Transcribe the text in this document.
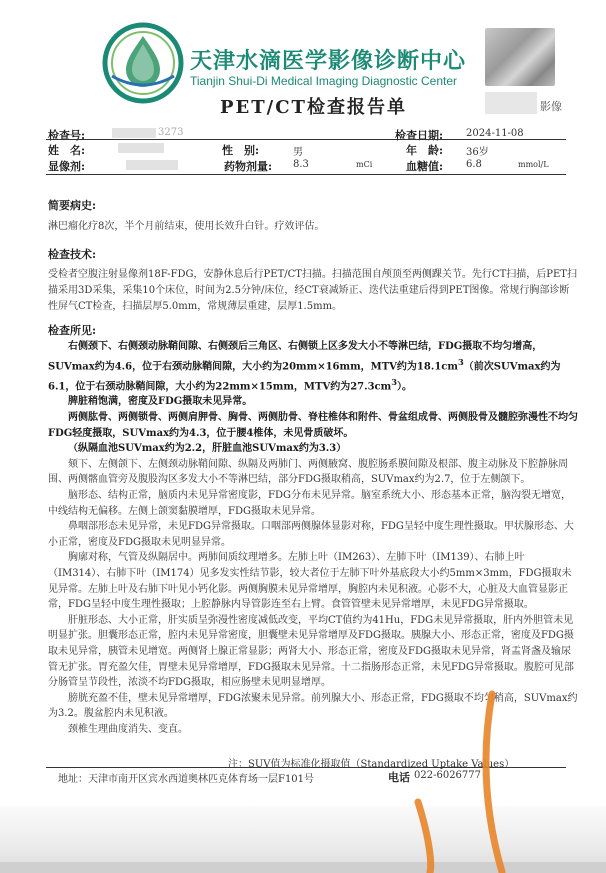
天津水滴医学影像诊断中心
Tianjin Shui-Di Medical Imaging Diagnostic Center
PET/CT检查报告单	影像
检查号:	3273	检查日期: 2024-11-08
姓　名:	性　别:	男	年　龄: 36岁
显像剂:	药物剂量: 8.3	mCi	血糖值: 6.8	mmol/L
简要病史:
淋巴瘤化疗8次，半个月前结束，使用长效升白针。疗效评估。
检查技术:
受检者空腹注射显像剂18F-FDG，安静休息后行PET/CT扫描。扫描范围自颅顶至两侧踝关节。先行CT扫描，后PET扫描采用3D采集，采集10个床位，时间为2.5分钟/床位，经CT衰减矫正、迭代法重建后得到PET图像。常规行胸部诊断性屏气CT检查，扫描层厚5.0mm，常规薄层重建，层厚1.5mm。
检查所见:

右侧颈下、右侧颈动脉鞘间隙、右侧颈后三角区、右侧锁上区多发大小不等淋巴结，FDG摄取不均匀增高，SUVmax约为4.6，位于右颈动脉鞘间隙，大小约为20mm×16mm，MTV约为$18.1cm^3$（前次SUVmax约为6.1，位于右颈动脉鞘间隙，大小约为22mm×15mm，MTV约为$27.3cm^3$）。

脾脏稍饱满，密度及FDG摄取未见异常。

两侧肱骨、两侧锁骨、两侧肩胛骨、胸骨、两侧肋骨、脊柱椎体和附件、骨盆组成骨、两侧股骨及髓腔弥漫性不均匀FDG轻度摄取，SUVmax约为4.3，位于腰4椎体，未见骨质破坏。

（纵隔血池SUVmax约为2.2，肝脏血池SUVmax约为3.3）

颏下、左侧颌下、左侧颈动脉鞘间隙、纵隔及两肺门、两侧腋窝、腹腔肠系膜间隙及根部、腹主动脉及下腔静脉周围、两侧髂血管旁及腹股沟区多发大小不等淋巴结，部分FDG摄取稍高，SUVmax约为2.7，位于左侧颌下。

脑形态、结构正常，脑质内未见异常密度影，FDG分布未见异常。脑室系统大小、形态基本正常，脑沟裂无增宽，中线结构无偏移。左侧上颌窦黏膜增厚，FDG摄取未见异常。

鼻咽部形态未见异常，未见FDG异常摄取。口咽部两侧腺体显影对称，FDG呈轻中度生理性摄取。甲状腺形态、大小正常，密度及FDG摄取未见明显异常。

胸廓对称，气管及纵隔居中。两肺间质纹理增多。左肺上叶（IM263）、左肺下叶（IM139）、右肺上叶（IM314）、右肺下叶（IM174）见多发实性结节影，较大者位于左肺下叶外基底段大小约5mm×3mm，FDG摄取未见异常。左肺上叶及右肺下叶见小钙化影。两侧胸膜未见异常增厚，胸腔内未见积液。心影不大，心脏及大血管显影正常，FDG呈轻中度生理性摄取；上腔静脉内导管影连至右上臂。食管管壁未见异常增厚，未见FDG异常摄取。

肝脏形态、大小正常，肝实质呈弥漫性密度减低改变，平均CT值约为41Hu，FDG未见异常摄取，肝内外胆管未见明显扩张。胆囊形态正常，腔内未见异常密度，胆囊壁未见异常增厚及FDG摄取。胰腺大小、形态正常，密度及FDG摄取未见异常，胰管未见增宽。两侧肾上腺正常显影；两肾大小、形态正常，密度及FDG摄取未见异常，肾盂肾盏及输尿管无扩张。胃充盈欠佳，胃壁未见异常增厚，FDG摄取未见异常。十二指肠形态正常，未见FDG异常摄取。腹腔可见部分肠管呈节段性，浓淡不均FDG摄取，相应肠壁未见明显增厚。

膀胱充盈不佳，壁未见异常增厚，FDG浓聚未见异常。前列腺大小、形态正常，FDG摄取不均匀稍高，SUVmax约为3.2。腹盆腔内未见积液。

颈椎生理曲度消失、变直。

注：SUV值为标准化摄取值（Standardized Uptake Values）
地址：天津市南开区宾水西道奥林匹克体育场一层F101号	电话 022-6026777
